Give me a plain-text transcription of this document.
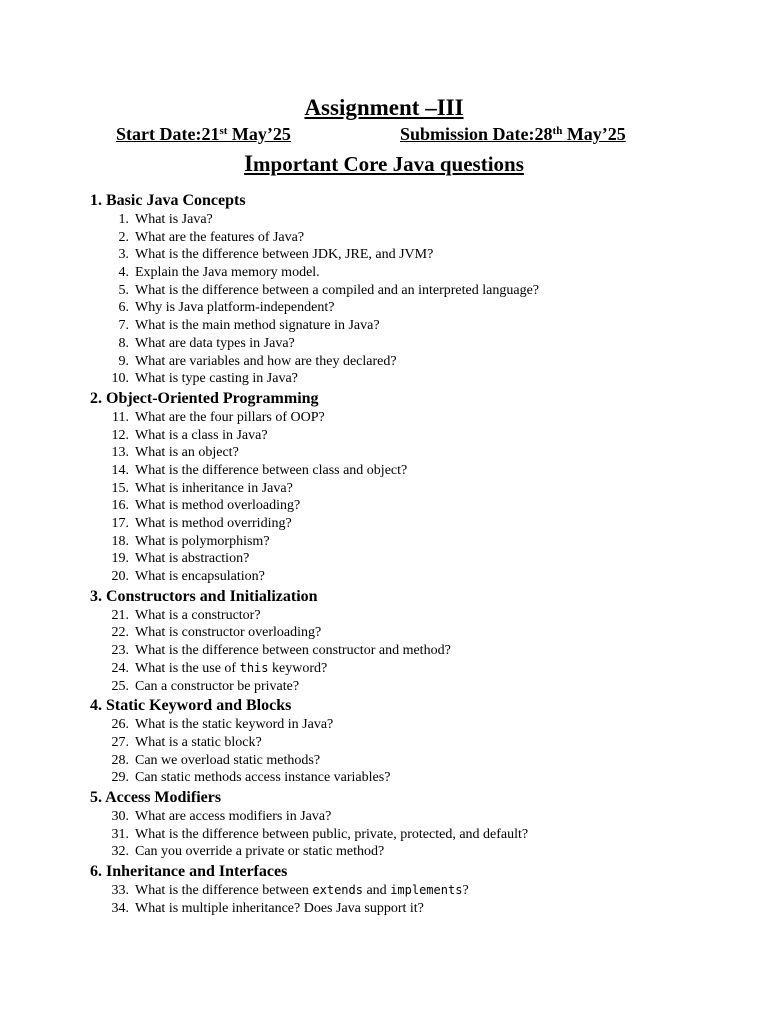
Assignment –III
Start Date:21st May’25	Submission Date:28th May’25
Important Core Java questions
1. Basic Java Concepts
1. What is Java?
2. What are the features of Java?
3. What is the difference between JDK, JRE, and JVM?
4. Explain the Java memory model.
5. What is the difference between a compiled and an interpreted language?
6. Why is Java platform-independent?
7. What is the main method signature in Java?
8. What are data types in Java?
9. What are variables and how are they declared?
10. What is type casting in Java?
2. Object-Oriented Programming
11. What are the four pillars of OOP?
12. What is a class in Java?
13. What is an object?
14. What is the difference between class and object?
15. What is inheritance in Java?
16. What is method overloading?
17. What is method overriding?
18. What is polymorphism?
19. What is abstraction?
20. What is encapsulation?
3. Constructors and Initialization
21. What is a constructor?
22. What is constructor overloading?
23. What is the difference between constructor and method?
24. What is the use of this keyword?
25. Can a constructor be private?
4. Static Keyword and Blocks
26. What is the static keyword in Java?
27. What is a static block?
28. Can we overload static methods?
29. Can static methods access instance variables?
5. Access Modifiers
30. What are access modifiers in Java?
31. What is the difference between public, private, protected, and default?
32. Can you override a private or static method?
6. Inheritance and Interfaces
33. What is the difference between extends and implements?
34. What is multiple inheritance? Does Java support it?
